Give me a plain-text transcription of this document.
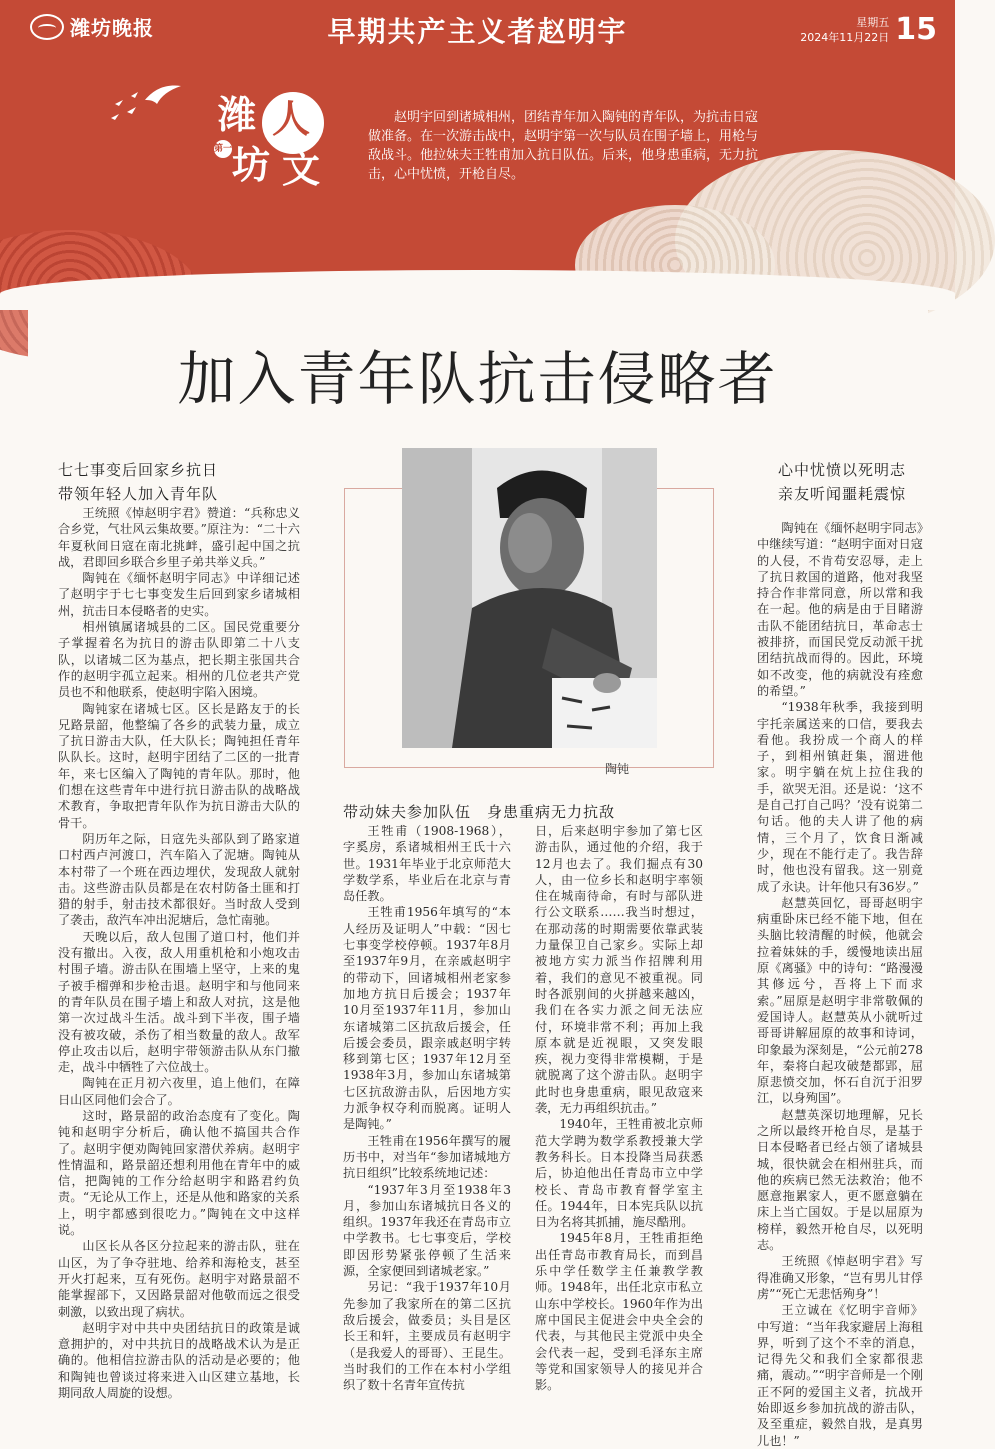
潍坊晚报	早期共产主义者赵明宇	星期五
2024年11月22日 15
潍 人
坊 文
第一
赵明宇回到诸城相州，团结青年加入陶钝的青年队，为抗击日寇做准备。在一次游击战中，赵明宇第一次与队员在围子墙上，用枪与敌战斗。他拉妹夫王牲甫加入抗日队伍。后来，他身患重病，无力抗击，心中忧愤，开枪自尽。
加入青年队抗击侵略者
七七事变后回家乡抗日
带领年轻人加入青年队

王统照《悼赵明宇君》赞道：“兵称忠义合乡党，气壮风云集故要。”原注为：“二十六年夏秋间日寇在南北挑衅，盛引起中国之抗战，君即回乡联合乡里子弟共举义兵。”

陶钝在《缅怀赵明宇同志》中详细记述了赵明宇于七七事变发生后回到家乡诸城相州，抗击日本侵略者的史实。

相州镇属诸城县的二区。国民党重要分子掌握着名为抗日的游击队即第二十八支队，以诸城二区为基点，把长期主张国共合作的赵明宇孤立起来。相州的几位老共产党员也不和他联系，使赵明宇陷入困境。

陶钝家在诸城七区。区长是路友于的长兄路景韶，他整编了各乡的武装力量，成立了抗日游击大队，任大队长；陶钝担任青年队队长。这时，赵明宇团结了二区的一批青年，来七区编入了陶钝的青年队。那时，他们想在这些青年中进行抗日游击队的战略战术教育，争取把青年队作为抗日游击大队的骨干。

阴历年之际，日寇先头部队到了路家道口村西卢河渡口，汽车陷入了泥塘。陶钝从本村带了一个班在西边埋伏，发现敌人就射击。这些游击队员都是在农村防备土匪和打猎的射手，射击技术都很好。当时敌人受到了袭击，敌汽车冲出泥塘后，急忙南驰。

天晚以后，敌人包围了道口村，他们并没有撤出。入夜，敌人用重机枪和小炮攻击村围子墙。游击队在围墙上坚守，上来的鬼子被手榴弹和步枪击退。赵明宇和与他同来的青年队员在围子墙上和敌人对抗，这是他第一次过战斗生活。战斗到下半夜，围子墙没有被攻破，杀伤了相当数量的敌人。敌军停止攻击以后，赵明宇带领游击队从东门撤走，战斗中牺牲了六位战士。

陶钝在正月初六夜里，追上他们，在障日山区同他们会合了。

这时，路景韶的政治态度有了变化。陶钝和赵明宇分析后，确认他不搞国共合作了。赵明宇便劝陶钝回家潜伏养病。赵明宇性情温和，路景韶还想利用他在青年中的威信，把陶钝的工作分给赵明宇和路君约负责。“无论从工作上，还是从他和路家的关系上，明宇都感到很吃力。”陶钝在文中这样说。

山区长从各区分拉起来的游击队，驻在山区，为了争夺驻地、给养和海枪支，甚至开火打起来，互有死伤。赵明宇对路景韶不能掌握部下，又因路景韶对他敬而远之很受刺激，以致出现了病状。

赵明宇对中共中央团结抗日的政策是诚意拥护的，对中共抗日的战略战术认为是正确的。他相信拉游击队的活动是必要的；他和陶钝也曾谈过将来进入山区建立基地，长期同敌人周旋的设想。

陶钝
带动妹夫参加队伍　身患重病无力抗敌

王牲甫（1908-1968），字奚房，系诸城相州王氏十六世。1931年毕业于北京师范大学数学系，毕业后在北京与青岛任教。

王牲甫1956年填写的“本人经历及证明人”中载：“因七七事变学校停顿。1937年8月至1937年9月，在亲戚赵明宇的带动下，回诸城相州老家参加地方抗日后援会；1937年10月至1937年11月，参加山东诸城第二区抗敌后援会，任后援会委员，跟亲戚赵明宇转移到第七区；1937年12月至1938年3月，参加山东诸城第七区抗敌游击队，后因地方实力派争权夺利而脱离。证明人是陶钝。”

王牲甫在1956年撰写的履历书中，对当年“参加诸城地方抗日组织”比较系统地记述：

“1937年3月至1938年3月，参加山东诸城抗日各义的组织。1937年我还在青岛市立中学教书。七七事变后，学校即因形势紧张停顿了生活来源，全家便回到诸城老家。”

另记：“我于1937年10月先参加了我家所在的第二区抗敌后援会，做委员；头目是区长王和轩，主要成员有赵明宇（是我爱人的哥哥）、王昆生。当时我们的工作在本村小学组织了数十名青年宣传抗

日，后来赵明宇参加了第七区游击队，通过他的介绍，我于12月也去了。我们掘点有30人，由一位乡长和赵明宇率领住在城南待命，有时与部队进行公文联系……我当时想过，在那动荡的时期需要依靠武装力量保卫自己家乡。实际上却被地方实力派当作招牌利用着，我们的意见不被重视。同时各派别间的火拼越来越凶，我们在各实力派之间无法应付，环境非常不利；再加上我原本就是近视眼，又突发眼疾，视力变得非常模糊，于是就脱离了这个游击队。赵明宇此时也身患重病，眼见敌寇来袭，无力再组织抗击。”

1940年，王牲甫被北京师范大学聘为数学系教授兼大学教务科长。日本投降当局获悉后，协迫他出任青岛市立中学校长、青岛市教育督学室主任。1944年，日本宪兵队以抗日为名将其抓捕，施尽酷刑。

1945年8月，王牲甫拒绝出任青岛市教育局长，而到昌乐中学任数学主任兼教学教师。1948年，出任北京市私立山东中学校长。1960年作为出席中国民主促进会中央全会的代表，与其他民主党派中央全会代表一起，受到毛泽东主席等党和国家领导人的接见并合影。

心中忧愤以死明志
亲友听闻噩耗震惊

陶钝在《缅怀赵明宇同志》中继续写道：“赵明宇面对日寇的人侵，不肯苟安忍辱，走上了抗日救国的道路，他对我坚持合作非常同意，所以常和我在一起。他的病是由于目睹游击队不能团结抗日，革命志士被排挤，而国民党反动派干扰团结抗战而得的。因此，环境如不改变，他的病就没有痊愈的希望。”

“1938年秋季，我接到明宇托亲属送来的口信，要我去看他。我扮成一个商人的样子，到相州镇赶集，溜进他家。明宇躺在炕上拉住我的手，欲哭无泪。还是说：‘这不是自己打自己吗？’没有说第二句话。他的夫人讲了他的病情，三个月了，饮食日渐减少，现在不能行走了。我告辞时，他也没有留我。这一别竟成了永诀。计年他只有36岁。”

赵慧英回忆，哥哥赵明宇病重卧床已经不能下地，但在头脑比较清醒的时候，他就会拉着妹妹的手，缓慢地读出屈原《离骚》中的诗句：“路漫漫其修远兮，吾将上下而求索。”屈原是赵明宇非常敬佩的爱国诗人。赵慧英从小就听过哥哥讲解屈原的故事和诗词，印象最为深刻是，“公元前278年，秦将白起攻破楚都郢，屈原悲愤交加，怀石自沉于汨罗江，以身殉国”。

赵慧英深切地理解，兄长之所以最终开枪自尽，是基于日本侵略者已经占领了诸城县城，很快就会在相州驻兵，而他的疾病已然无法救治；他不愿意拖累家人，更不愿意躺在床上当亡国奴。于是以屈原为榜样，毅然开枪自尽，以死明志。

王统照《悼赵明宇君》写得准确又形象，“岂有男儿甘俘虏”“死亡无悲恬殉身”！

王立诚在《忆明宇音师》中写道：“当年我家避居上海租界，听到了这个不幸的消息，记得先父和我们全家都很悲痛，震动。”“明宇音师是一个刚正不阿的爱国主义者，抗战开始即返乡参加抗战的游击队，及至重症，毅然自戕，是真男儿也！”
